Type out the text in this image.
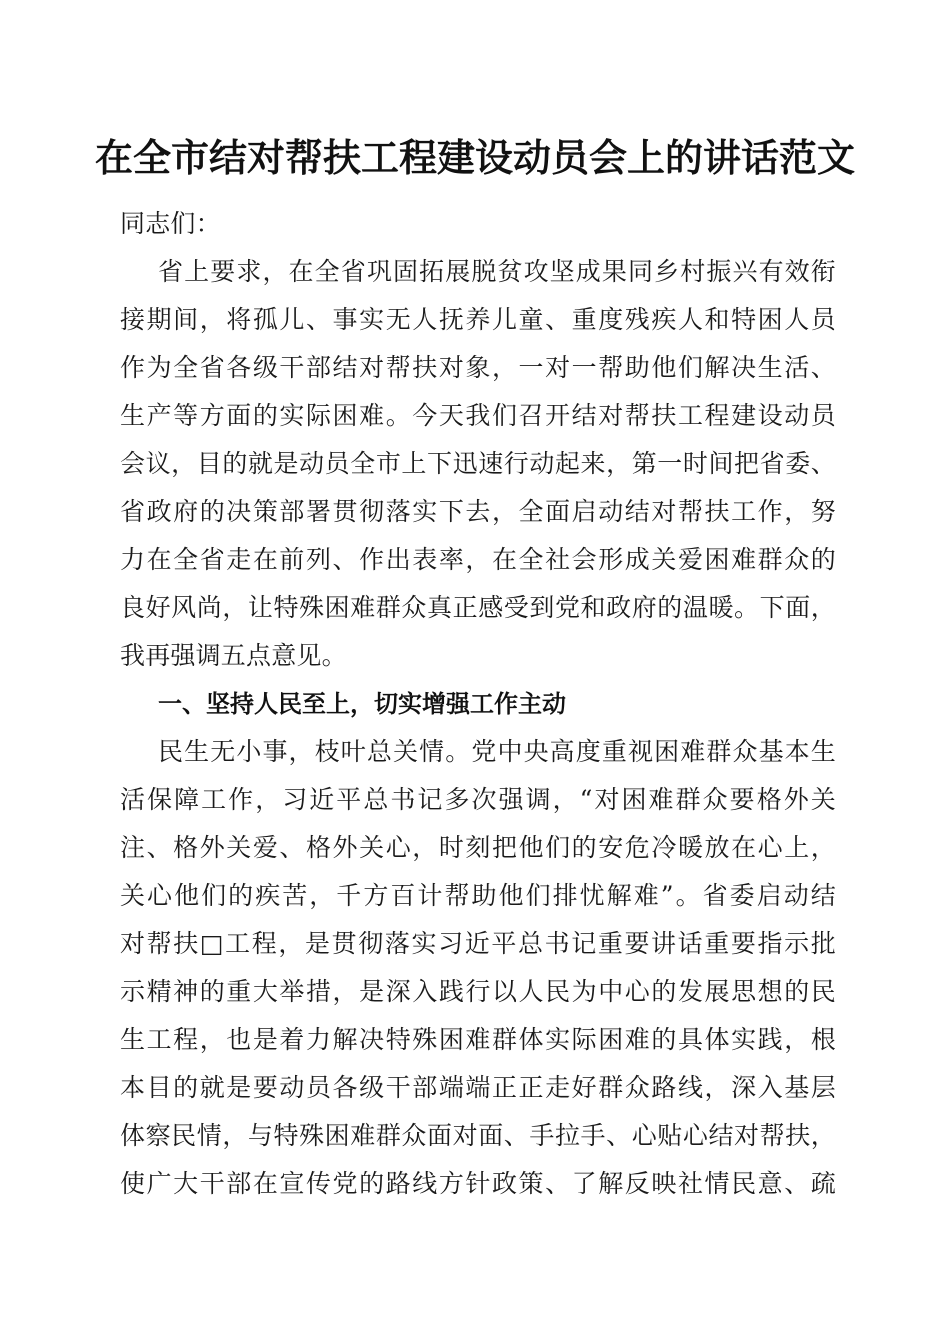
在全市结对帮扶工程建设动员会上的讲话范文
同志们：
省上要求，在全省巩固拓展脱贫攻坚成果同乡村振兴有效衔
接期间，将孤儿、事实无人抚养儿童、重度残疾人和特困人员
作为全省各级干部结对帮扶对象，一对一帮助他们解决生活、
生产等方面的实际困难。今天我们召开结对帮扶工程建设动员
会议，目的就是动员全市上下迅速行动起来，第一时间把省委、
省政府的决策部署贯彻落实下去，全面启动结对帮扶工作，努
力在全省走在前列、作出表率，在全社会形成关爱困难群众的
良好风尚，让特殊困难群众真正感受到党和政府的温暖。下面，
我再强调五点意见。
一、坚持人民至上，切实增强工作主动
民生无小事，枝叶总关情。党中央高度重视困难群众基本生
活保障工作，习近平总书记多次强调，“对困难群众要格外关
注、格外关爱、格外关心，时刻把他们的安危冷暖放在心上，
关心他们的疾苦，千方百计帮助他们排忧解难”。省委启动结
对帮扶□工程，是贯彻落实习近平总书记重要讲话重要指示批
示精神的重大举措，是深入践行以人民为中心的发展思想的民
生工程，也是着力解决特殊困难群体实际困难的具体实践，根
本目的就是要动员各级干部端端正正走好群众路线，深入基层
体察民情，与特殊困难群众面对面、手拉手、心贴心结对帮扶，
使广大干部在宣传党的路线方针政策、了解反映社情民意、疏
